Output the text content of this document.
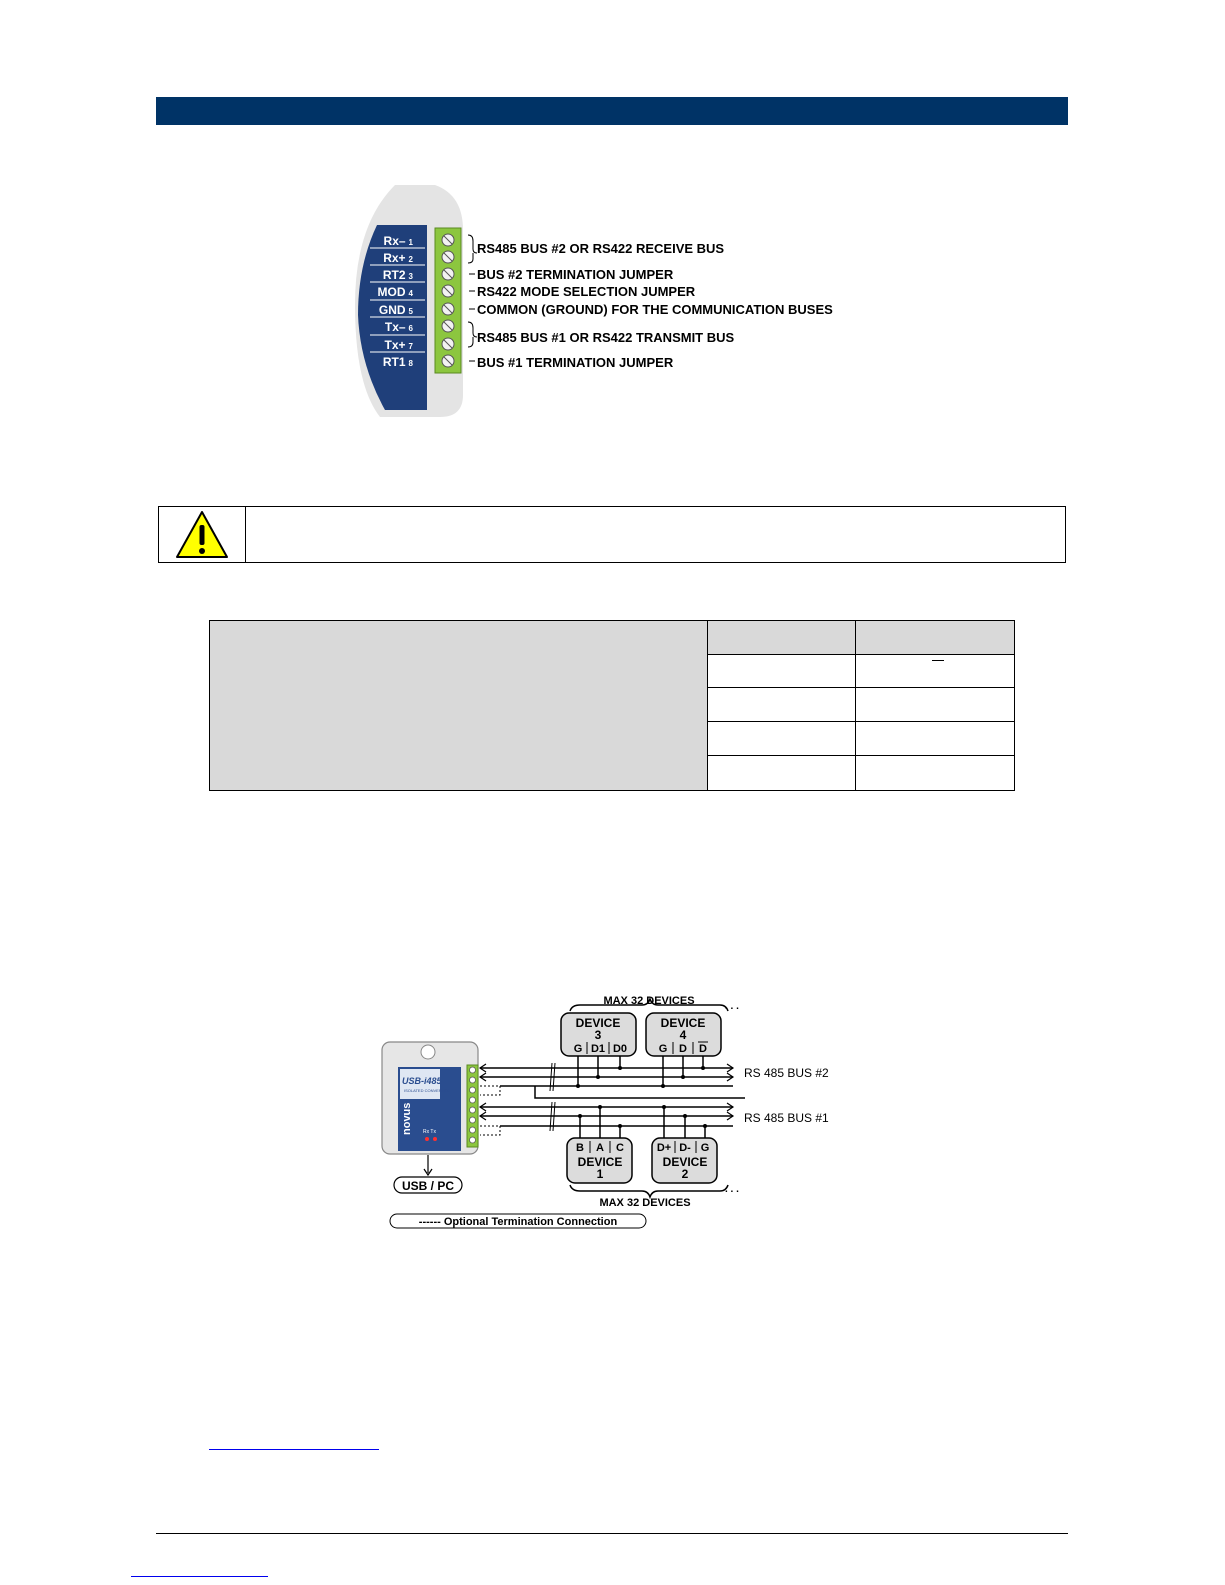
Rx– 1
Rx+ 2
RT2 3
MOD 4
GND 5
Tx– 6
Tx+ 7
RT1 8
RS485 BUS #2 OR RS422 RECEIVE BUS
BUS #2 TERMINATION JUMPER
RS422 MODE SELECTION JUMPER
COMMON (GROUND) FOR THE COMMUNICATION BUSES
RS485 BUS #1 OR RS422 TRANSMIT BUS
BUS #1 TERMINATION JUMPER
MAX 32 DEVICES	. . .
DEVICE
3
G D1 D0
DEVICE
4
G D D
USB-i485
ISOLATED CONVERTER
novus Rx Tx
B A C
DEVICE
1
D+ D- G
DEVICE
2
RS 485 BUS #2
RS 485 BUS #1
MAX 32 DEVICES
. . .
USB / PC
------ Optional Termination Connection
